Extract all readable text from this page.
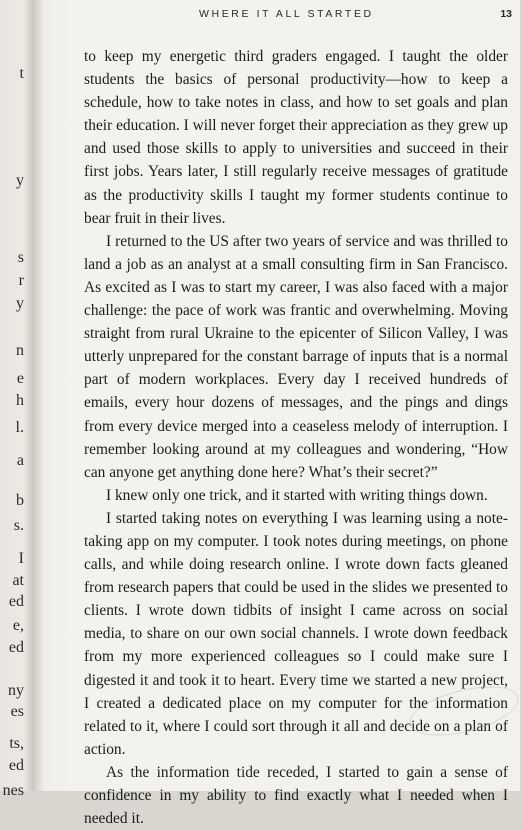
t
y
s
r
y
n
e
h
l.
a
b
s.
I
at
ed
e,
ed
ny
es
ts,
ed
nes
WHERE IT ALL STARTED	13

to keep my energetic third graders engaged. I taught the older students the basics of personal productivity—how to keep a schedule, how to take notes in class, and how to set goals and plan their education. I will never forget their appreciation as they grew up and used those skills to apply to universities and succeed in their first jobs. Years later, I still regularly receive messages of gratitude as the productivity skills I taught my former students continue to bear fruit in their lives.

I returned to the US after two years of service and was thrilled to land a job as an analyst at a small consulting firm in San Francisco. As excited as I was to start my career, I was also faced with a major challenge: the pace of work was frantic and overwhelming. Moving straight from rural Ukraine to the epicenter of Silicon Valley, I was utterly unprepared for the constant barrage of inputs that is a normal part of modern workplaces. Every day I received hundreds of emails, every hour dozens of messages, and the pings and dings from every device merged into a ceaseless melody of interruption. I remember looking around at my colleagues and wondering, “How can anyone get anything done here? What’s their secret?”

I knew only one trick, and it started with writing things down.

I started taking notes on everything I was learning using a note-taking app on my computer. I took notes during meetings, on phone calls, and while doing research online. I wrote down facts gleaned from research papers that could be used in the slides we presented to clients. I wrote down tidbits of insight I came across on social media, to share on our own social channels. I wrote down feedback from my more experienced colleagues so I could make sure I digested it and took it to heart. Every time we started a new project, I created a dedicated place on my computer for the information related to it, where I could sort through it all and decide on a plan of action.

As the information tide receded, I started to gain a sense of confidence in my ability to find exactly what I needed when I needed it.
